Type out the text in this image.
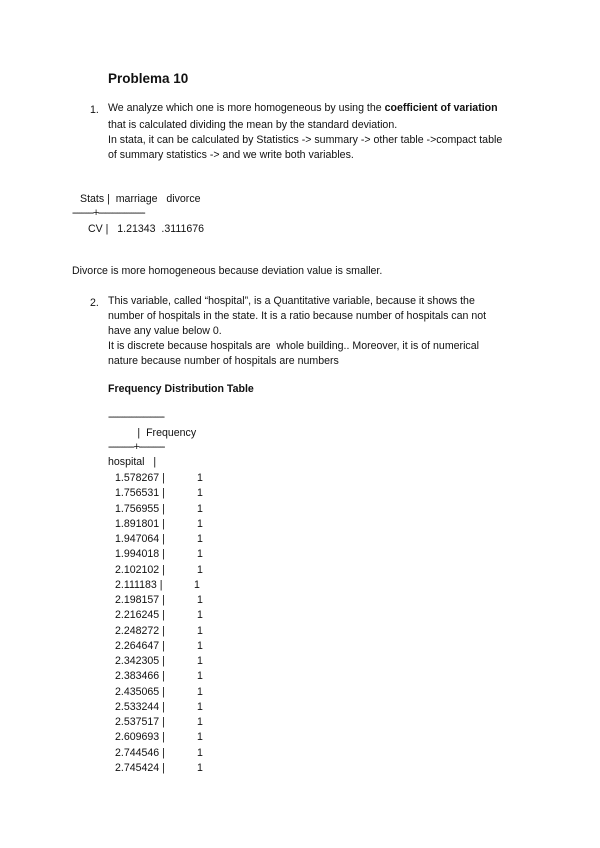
Problema 10
1. We analyze which one is more homogeneous by using the coefficient of variation
that is calculated dividing the mean by the standard deviation.
In stata, it can be calculated by Statistics -> summary -> other table ->compact table
of summary statistics -> and we write both variables.
Stats |  marriage   divorce
---------+--------------------
CV |   1.21343  .3111676
Divorce is more homogeneous because deviation value is smaller.
2. This variable, called “hospital”, is a Quantitative variable, because it shows the
number of hospitals in the state. It is a ratio because number of hospitals can not
have any value below 0.
It is discrete because hospitals are  whole building.. Moreover, it is of numerical
nature because number of hospitals are numbers
Frequency Distribution Table
------------------------
|  Frequency
-----------+-----------
hospital   |
1.578267 |	1
1.756531 |	1
1.756955 |	1
1.891801 |	1
1.947064 |	1
1.994018 |	1
2.102102 |	1
2.111183 |	1
2.198157 |	1
2.216245 |	1
2.248272 |	1
2.264647 |	1
2.342305 |	1
2.383466 |	1
2.435065 |	1
2.533244 |	1
2.537517 |	1
2.609693 |	1
2.744546 |	1
2.745424 |	1
